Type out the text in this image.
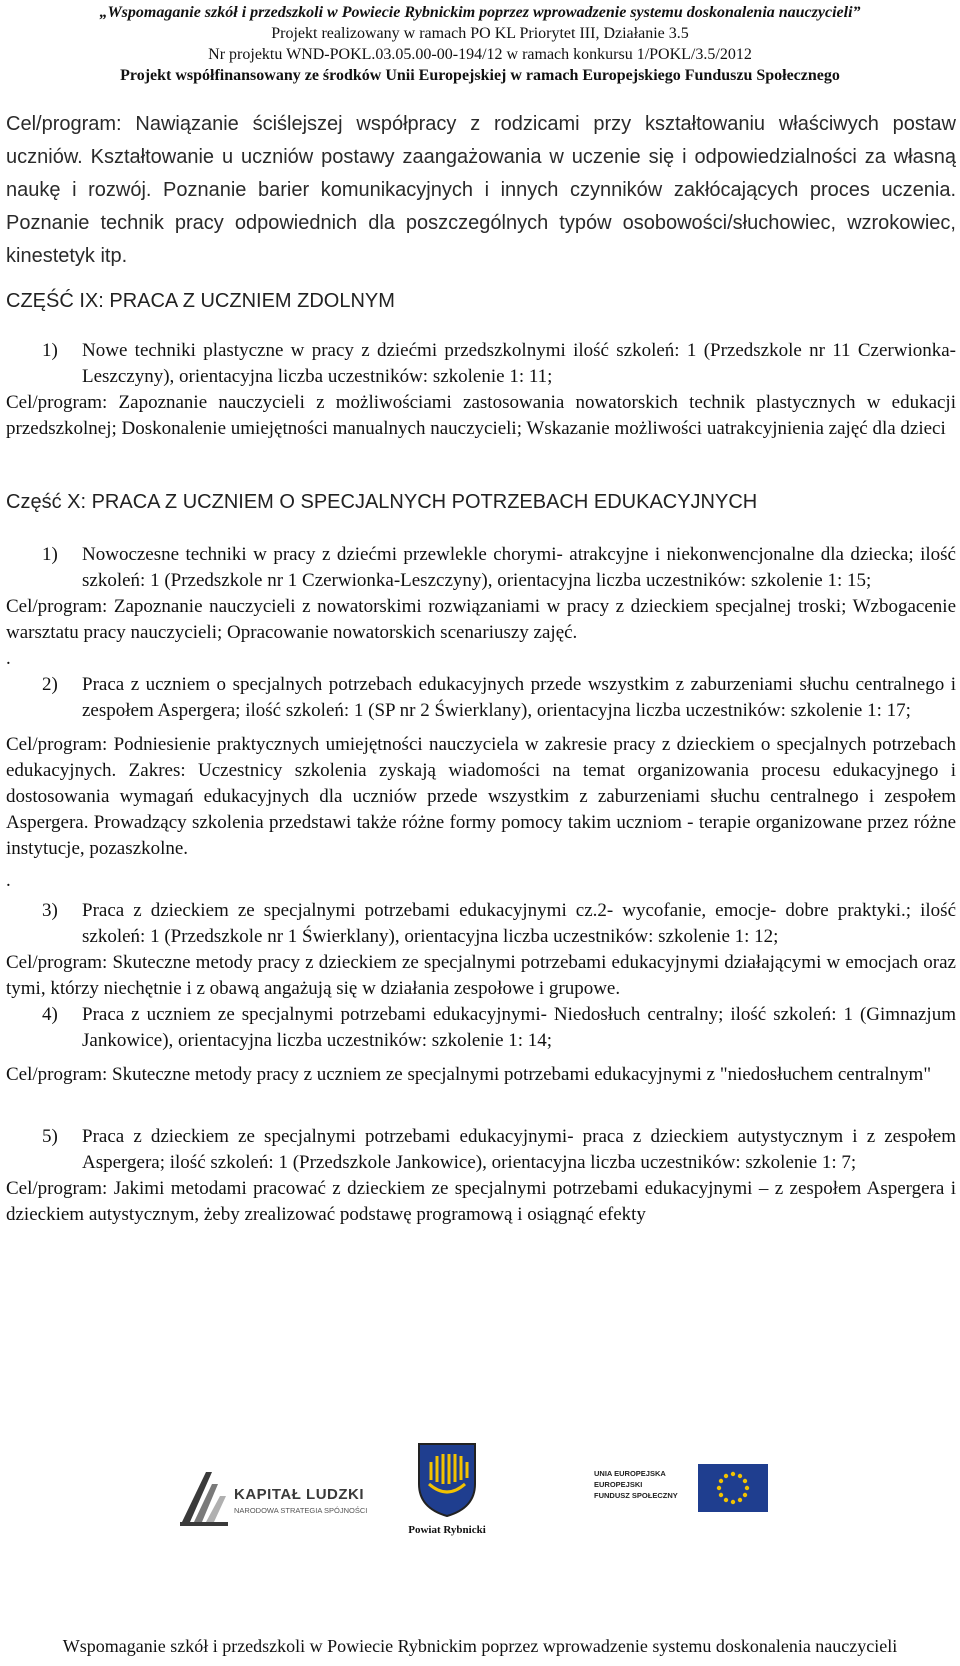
„Wspomaganie szkół i przedszkoli w Powiecie Rybnickim poprzez wprowadzenie systemu doskonalenia nauczycieli”
Projekt realizowany w ramach PO KL Priorytet III, Działanie 3.5
Nr projektu WND-POKL.03.05.00-00-194/12 w ramach konkursu 1/POKL/3.5/2012
Projekt współfinansowany ze środków Unii Europejskiej w ramach Europejskiego Funduszu Społecznego

Cel/program: Nawiązanie ściślejszej współpracy z rodzicami przy kształtowaniu właściwych postaw uczniów. Kształtowanie u uczniów postawy zaangażowania w uczenie się i odpowiedzialności za własną naukę i rozwój. Poznanie barier komunikacyjnych i innych czynników zakłócających proces uczenia. Poznanie technik pracy odpowiednich dla poszczególnych typów osobowości/słuchowiec, wzrokowiec, kinestetyk itp.

CZĘŚĆ IX: PRACA Z UCZNIEM ZDOLNYM
1)	Nowe techniki plastyczne w pracy z dziećmi przedszkolnymi ilość szkoleń: 1 (Przedszkole nr 11 Czerwionka-Leszczyny), orientacyjna liczba uczestników: szkolenie 1: 11;

Cel/program: Zapoznanie nauczycieli z możliwościami zastosowania nowatorskich technik plastycznych w edukacji przedszkolnej; Doskonalenie umiejętności manualnych nauczycieli; Wskazanie możliwości uatrakcyjnienia zajęć dla dzieci

Część X: PRACA Z UCZNIEM O SPECJALNYCH POTRZEBACH EDUKACYJNYCH
1)	Nowoczesne techniki w pracy z dziećmi przewlekle chorymi- atrakcyjne i niekonwencjonalne dla dziecka; ilość szkoleń: 1 (Przedszkole nr 1 Czerwionka-Leszczyny), orientacyjna liczba uczestników: szkolenie 1: 15;

Cel/program: Zapoznanie nauczycieli z nowatorskimi rozwiązaniami w pracy z dzieckiem specjalnej troski; Wzbogacenie warsztatu pracy nauczycieli; Opracowanie nowatorskich scenariuszy zajęć.

.

2)	Praca z uczniem o specjalnych potrzebach edukacyjnych przede wszystkim z zaburzeniami słuchu centralnego i zespołem Aspergera; ilość szkoleń: 1 (SP nr 2 Świerklany), orientacyjna liczba uczestników: szkolenie 1: 17;

Cel/program: Podniesienie praktycznych umiejętności nauczyciela w zakresie pracy z dzieckiem o specjalnych potrzebach edukacyjnych. Zakres: Uczestnicy szkolenia zyskają wiadomości na temat organizowania procesu edukacyjnego i dostosowania wymagań edukacyjnych dla uczniów przede wszystkim z zaburzeniami słuchu centralnego i zespołem Aspergera. Prowadzący szkolenia przedstawi także różne formy pomocy takim uczniom - terapie organizowane przez różne instytucje, pozaszkolne.

.

3)	Praca z dzieckiem ze specjalnymi potrzebami edukacyjnymi cz.2- wycofanie, emocje- dobre praktyki.; ilość szkoleń: 1 (Przedszkole nr 1 Świerklany), orientacyjna liczba uczestników: szkolenie 1: 12;

Cel/program: Skuteczne metody pracy z dzieckiem ze specjalnymi potrzebami edukacyjnymi działającymi w emocjach oraz tymi, którzy niechętnie i z obawą angażują się w działania zespołowe i grupowe.

4)	Praca z uczniem ze specjalnymi potrzebami edukacyjnymi- Niedosłuch centralny; ilość szkoleń: 1 (Gimnazjum Jankowice), orientacyjna liczba uczestników: szkolenie 1: 14;

Cel/program: Skuteczne metody pracy z uczniem ze specjalnymi potrzebami edukacyjnymi z "niedosłuchem centralnym"

5)	Praca z dzieckiem ze specjalnymi potrzebami edukacyjnymi- praca z dzieckiem autystycznym i z zespołem Aspergera; ilość szkoleń: 1 (Przedszkole Jankowice), orientacyjna liczba uczestników: szkolenie 1: 7;

Cel/program: Jakimi metodami pracować z dzieckiem ze specjalnymi potrzebami edukacyjnymi – z zespołem Aspergera i dzieckiem autystycznym, żeby zrealizować podstawę programową i osiągnąć efekty

KAPITAŁ LUDZKI
NARODOWA STRATEGIA SPÓJNOŚCI
Powiat Rybnicki
UNIA EUROPEJSKA
EUROPEJSKI
FUNDUSZ SPOŁECZNY
Wspomaganie szkół i przedszkoli w Powiecie Rybnickim poprzez wprowadzenie systemu doskonalenia nauczycieli
